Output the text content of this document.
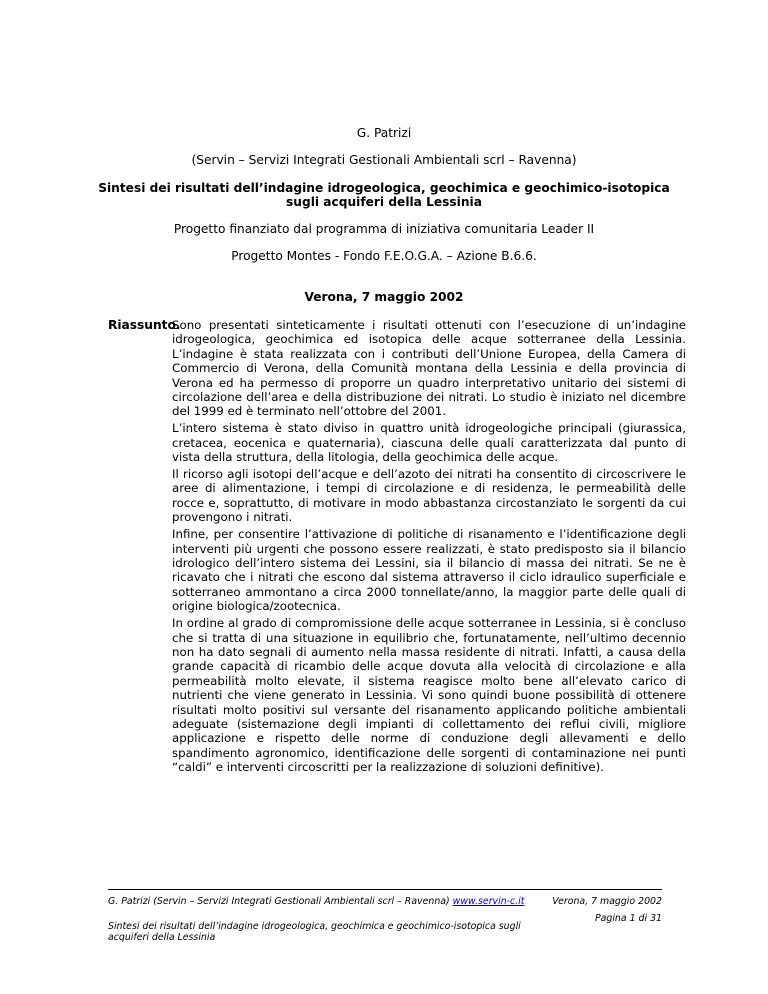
G. Patrizi
(Servin – Servizi Integrati Gestionali Ambientali scrl – Ravenna)
Sintesi dei risultati dell’indagine idrogeologica, geochimica e geochimico-isotopica
sugli acquiferi della Lessinia
Progetto finanziato dal programma di iniziativa comunitaria Leader II
Progetto Montes - Fondo F.E.O.G.A. – Azione B.6.6.
Verona, 7 maggio 2002
Riassunto.

Sono presentati sinteticamente i risultati ottenuti con l’esecuzione di un’indagine idrogeologica, geochimica ed isotopica delle acque sotterranee della Lessinia. L’indagine è stata realizzata con i contributi dell’Unione Europea, della Camera di Commercio di Verona, della Comunità montana della Lessinia e della provincia di Verona ed ha permesso di proporre un quadro interpretativo unitario dei sistemi di circolazione dell’area e della distribuzione dei nitrati. Lo studio è iniziato nel dicembre del 1999 ed è terminato nell’ottobre del 2001.

L’intero sistema è stato diviso in quattro unità idrogeologiche principali (giurassica, cretacea, eocenica e quaternaria), ciascuna delle quali caratterizzata dal punto di vista della struttura, della litologia, della geochimica delle acque.

Il ricorso agli isotopi dell’acque e dell’azoto dei nitrati ha consentito di circoscrivere le aree di alimentazione, i tempi di circolazione e di residenza, le permeabilità delle rocce e, soprattutto, di motivare in modo abbastanza circostanziato le sorgenti da cui provengono i nitrati.

Infine, per consentire l’attivazione di politiche di risanamento e l’identificazione degli interventi più urgenti che possono essere realizzati, è stato predisposto sia il bilancio idrologico dell’intero sistema dei Lessini, sia il bilancio di massa dei nitrati. Se ne è ricavato che i nitrati che escono dal sistema attraverso il ciclo idraulico superficiale e sotterraneo ammontano a circa 2000 tonnellate/anno, la maggior parte delle quali di origine biologica/zootecnica.

In ordine al grado di compromissione delle acque sotterranee in Lessinia, si è concluso che si tratta di una situazione in equilibrio che, fortunatamente, nell’ultimo decennio non ha dato segnali di aumento nella massa residente di nitrati. Infatti, a causa della grande capacità di ricambio delle acque dovuta alla velocità di circolazione e alla permeabilità molto elevate, il sistema reagisce molto bene all’elevato carico di nutrienti che viene generato in Lessinia. Vi sono quindi buone possibilità di ottenere risultati molto positivi sul versante del risanamento applicando politiche ambientali adeguate (sistemazione degli impianti di collettamento dei reflui civili, migliore applicazione e rispetto delle norme di conduzione degli allevamenti e dello spandimento agronomico, identificazione delle sorgenti di contaminazione nei punti “caldi” e interventi circoscritti per la realizzazione di soluzioni definitive).

G. Patrizi (Servin – Servizi Integrati Gestionali Ambientali scrl – Ravenna) www.servin-c.it
Sintesi dei risultati dell’indagine idrogeologica, geochimica e geochimico-isotopica sugli acquiferi della Lessinia
Verona, 7 maggio 2002
Pagina 1 di 31
